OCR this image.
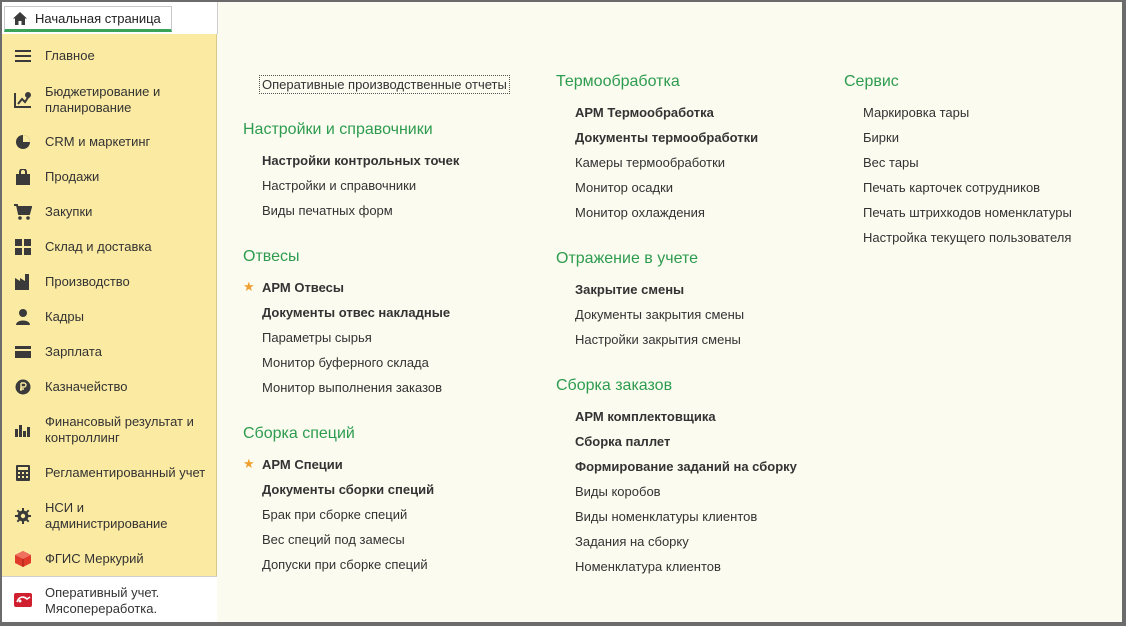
Начальная страница
Главное
Бюджетирование и планирование
CRM и маркетинг
Продажи
Закупки
Склад и доставка
Производство
Кадры
Зарплата
Казначейство
Финансовый результат и контроллинг
Регламентированный учет
НСИ и администрирование
ФГИС Меркурий
Оперативный учет. Мясопереработка.
Оперативные производственные отчеты
Настройки и справочники
Настройки контрольных точек
Настройки и справочники
Виды печатных форм
Отвесы
★ АРМ Отвесы
Документы отвес накладные
Параметры сырья
Монитор буферного склада
Монитор выполнения заказов
Сборка специй
★ АРМ Специи
Документы сборки специй
Брак при сборке специй
Вес специй под замесы
Допуски при сборке специй
Термообработка
АРМ Термообработка
Документы термообработки
Камеры термообработки
Монитор осадки
Монитор охлаждения
Отражение в учете
Закрытие смены
Документы закрытия смены
Настройки закрытия смены
Сборка заказов
АРМ комплектовщика
Сборка паллет
Формирование заданий на сборку
Виды коробов
Виды номенклатуры клиентов
Задания на сборку
Номенклатура клиентов
Сервис
Маркировка тары
Бирки
Вес тары
Печать карточек сотрудников
Печать штрихкодов номенклатуры
Настройка текущего пользователя
